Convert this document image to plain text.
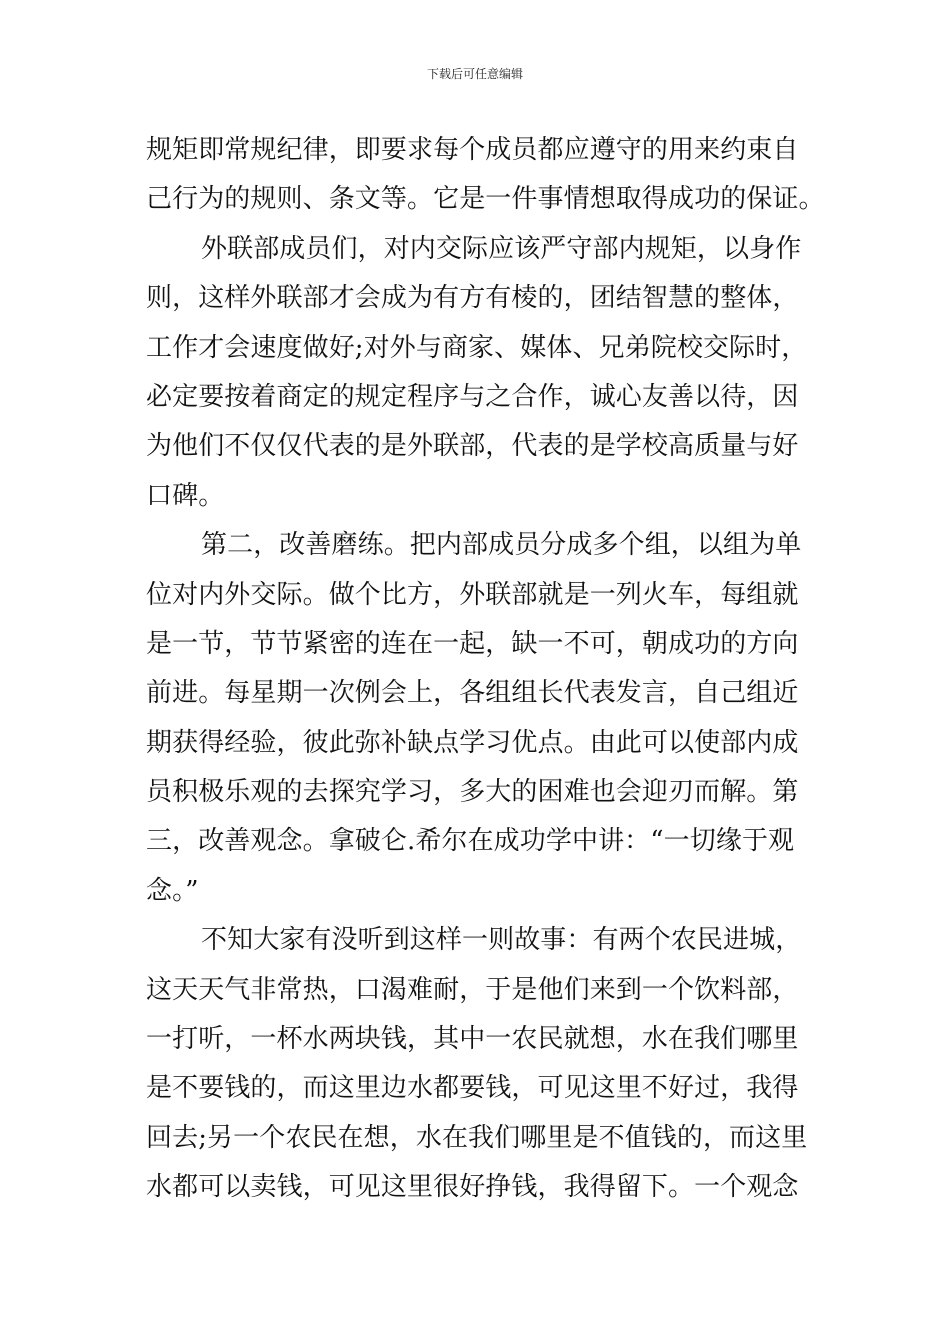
下载后可任意编辑
规矩即常规纪律，即要求每个成员都应遵守的用来约束自
己行为的规则、条文等。它是一件事情想取得成功的保证。
外联部成员们，对内交际应该严守部内规矩，以身作
则，这样外联部才会成为有方有棱的，团结智慧的整体，
工作才会速度做好;对外与商家、媒体、兄弟院校交际时，
必定要按着商定的规定程序与之合作，诚心友善以待，因
为他们不仅仅代表的是外联部，代表的是学校高质量与好
口碑。
第二，改善磨练。把内部成员分成多个组，以组为单
位对内外交际。做个比方，外联部就是一列火车，每组就
是一节，节节紧密的连在一起，缺一不可，朝成功的方向
前进。每星期一次例会上，各组组长代表发言，自己组近
期获得经验，彼此弥补缺点学习优点。由此可以使部内成
员积极乐观的去探究学习，多大的困难也会迎刃而解。第
三，改善观念。拿破仑.希尔在成功学中讲：“一切缘于观
念。”
不知大家有没听到这样一则故事：有两个农民进城，
这天天气非常热，口渴难耐，于是他们来到一个饮料部，
一打听，一杯水两块钱，其中一农民就想，水在我们哪里
是不要钱的，而这里边水都要钱，可见这里不好过，我得
回去;另一个农民在想，水在我们哪里是不值钱的，而这里
水都可以卖钱，可见这里很好挣钱，我得留下。一个观念
